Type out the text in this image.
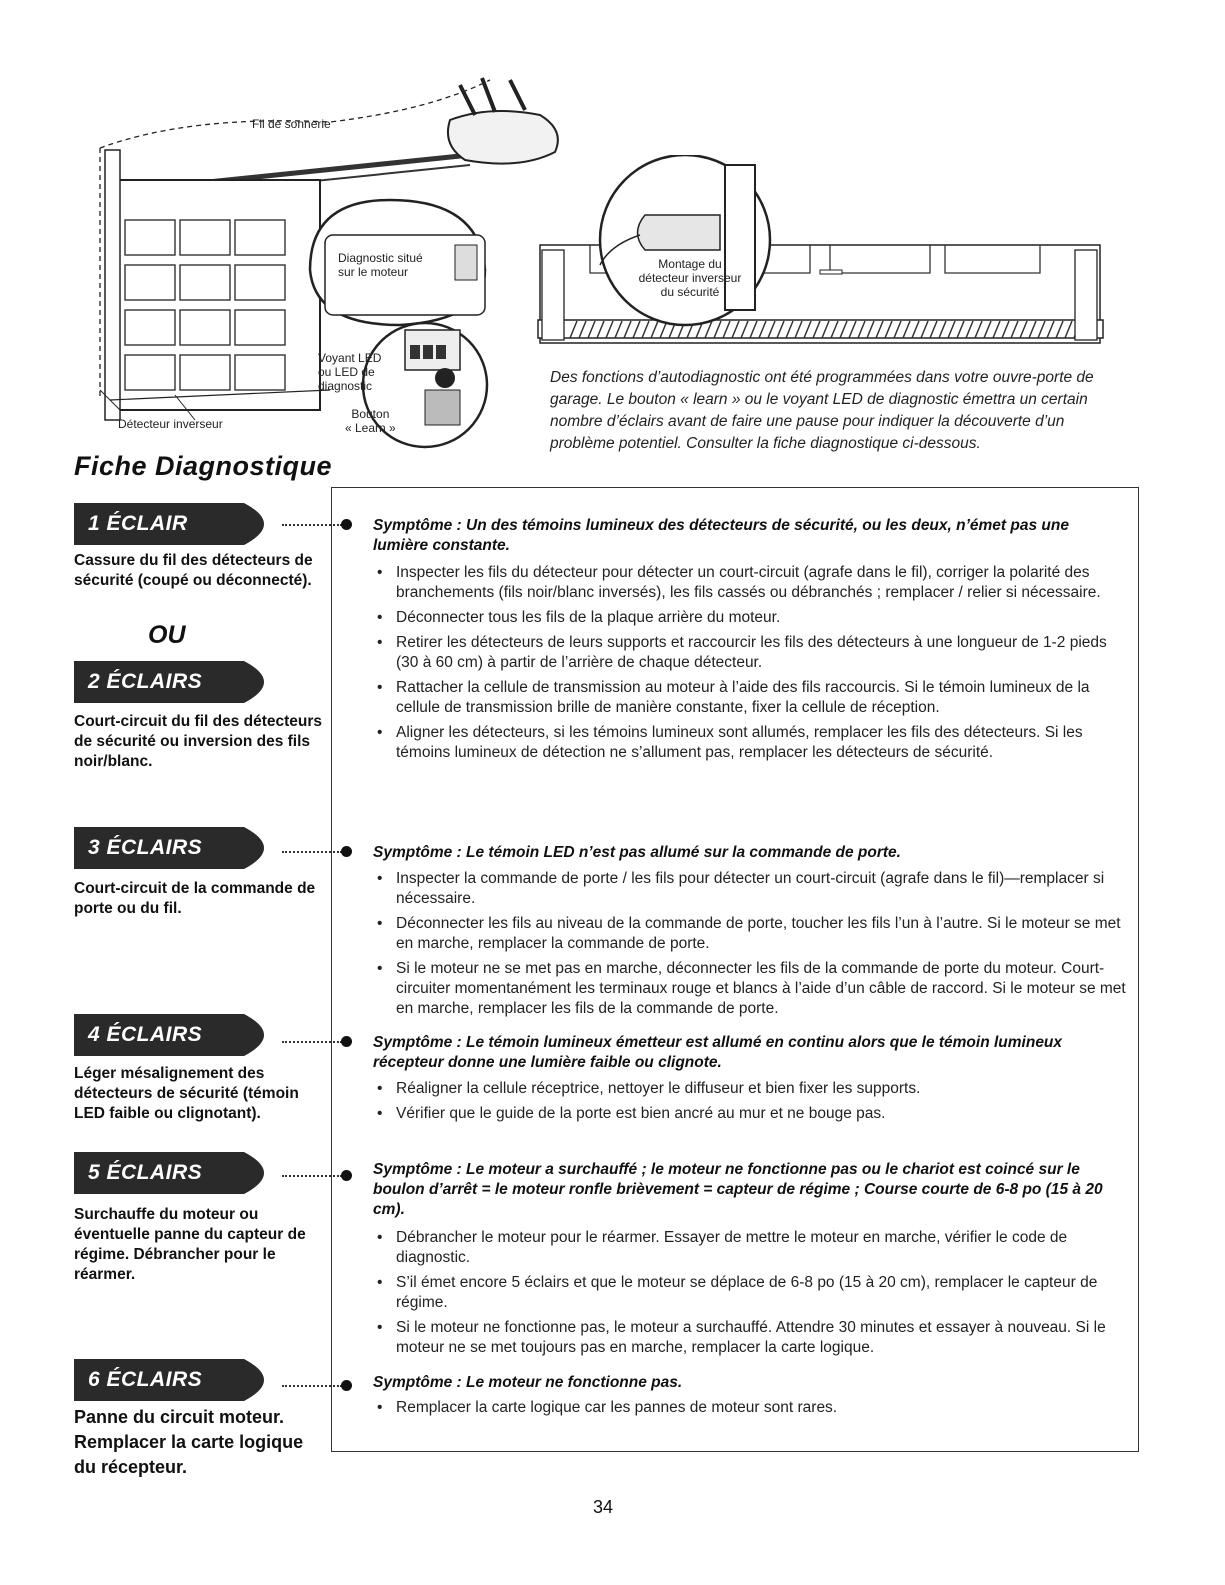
Fil de sonnerie
Diagnostic situé
sur le moteur
Voyant LED
ou LED de
diagnostic
Bouton
« Learn »
Détecteur inverseur
Montage du
détecteur inverseur
du sécurité
Des fonctions d’autodiagnostic ont été programmées dans votre ouvre-porte de garage. Le bouton « learn » ou le voyant LED de diagnostic émettra un certain nombre d’éclairs avant de faire une pause pour indiquer la découverte d’un problème potentiel. Consulter la fiche diagnostique ci-dessous.
Fiche Diagnostique
1 ÉCLAIR
Cassure du fil des détecteurs de sécurité (coupé ou déconnecté).
OU
2 ÉCLAIRS
Court-circuit du fil des détecteurs de sécurité ou inversion des fils noir/blanc.
3 ÉCLAIRS
Court-circuit de la commande de porte ou du fil.
4 ÉCLAIRS
Léger mésalignement des détecteurs de sécurité (témoin LED faible ou clignotant).
5 ÉCLAIRS
Surchauffe du moteur ou éventuelle panne du capteur de régime. Débrancher pour le réarmer.
6 ÉCLAIRS
Panne du circuit moteur. Remplacer la carte logique du récepteur.
Symptôme : Un des témoins lumineux des détecteurs de sécurité, ou les deux, n’émet pas une lumière constante.
• Inspecter les fils du détecteur pour détecter un court-circuit (agrafe dans le fil), corriger la polarité des branchements (fils noir/blanc inversés), les fils cassés ou débranchés ; remplacer / relier si nécessaire.
• Déconnecter tous les fils de la plaque arrière du moteur.
• Retirer les détecteurs de leurs supports et raccourcir les fils des détecteurs à une longueur de 1-2 pieds (30 à 60 cm) à partir de l’arrière de chaque détecteur.
• Rattacher la cellule de transmission au moteur à l’aide des fils raccourcis. Si le témoin lumineux de la cellule de transmission brille de manière constante, fixer la cellule de réception.
• Aligner les détecteurs, si les témoins lumineux sont allumés, remplacer les fils des détecteurs. Si les témoins lumineux de détection ne s’allument pas, remplacer les détecteurs de sécurité.
Symptôme : Le témoin LED n’est pas allumé sur la commande de porte.
• Inspecter la commande de porte / les fils pour détecter un court-circuit (agrafe dans le fil)—remplacer si nécessaire.
• Déconnecter les fils au niveau de la commande de porte, toucher les fils l’un à l’autre. Si le moteur se met en marche, remplacer la commande de porte.
• Si le moteur ne se met pas en marche, déconnecter les fils de la commande de porte du moteur. Court-circuiter momentanément les terminaux rouge et blancs à l’aide d’un câble de raccord. Si le moteur se met en marche, remplacer les fils de la commande de porte.
Symptôme : Le témoin lumineux émetteur est allumé en continu alors que le témoin lumineux récepteur donne une lumière faible ou clignote.
• Réaligner la cellule réceptrice, nettoyer le diffuseur et bien fixer les supports.
• Vérifier que le guide de la porte est bien ancré au mur et ne bouge pas.
Symptôme : Le moteur a surchauffé ; le moteur ne fonctionne pas ou le chariot est coincé sur le boulon d’arrêt = le moteur ronfle brièvement = capteur de régime ; Course courte de 6-8 po (15 à 20 cm).
• Débrancher le moteur pour le réarmer. Essayer de mettre le moteur en marche, vérifier le code de diagnostic.
• S’il émet encore 5 éclairs et que le moteur se déplace de 6-8 po (15 à 20 cm), remplacer le capteur de régime.
• Si le moteur ne fonctionne pas, le moteur a surchauffé. Attendre 30 minutes et essayer à nouveau. Si le moteur ne se met toujours pas en marche, remplacer la carte logique.
Symptôme : Le moteur ne fonctionne pas.
• Remplacer la carte logique car les pannes de moteur sont rares.
34
